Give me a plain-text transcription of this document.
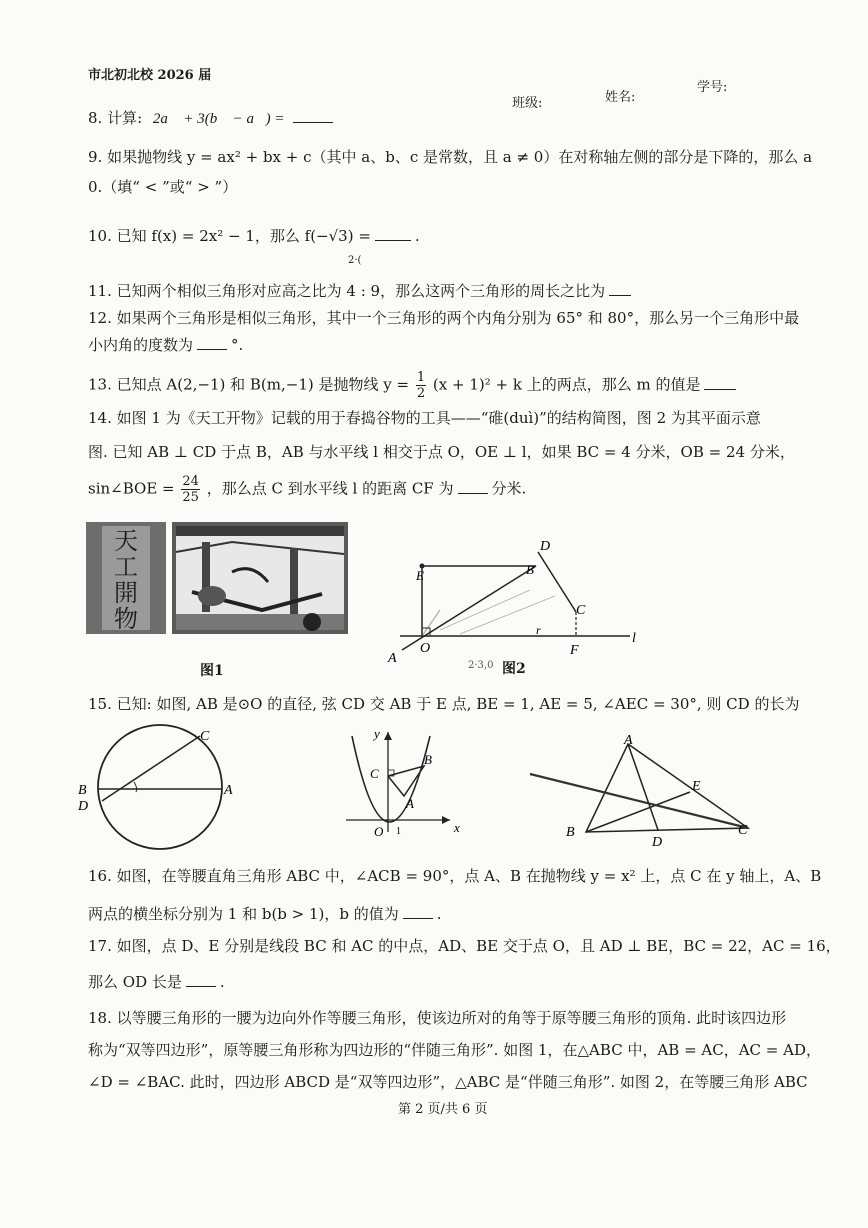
市北初北校 2026 届
班级:	姓名:
学号:
8. 计算: 2a⃗ + 3(b⃗ − a⃗) =
9. 如果抛物线 y = ax² + bx + c（其中 a、b、c 是常数，且 a ≠ 0）在对称轴左侧的部分是下降的，那么 a
0.（填“ < ”或“ > ”）
10. 已知 f(x) = 2x² − 1，那么 f(−√3) =	.
2·(
11. 已知两个相似三角形对应高之比为 4 : 9，那么这两个三角形的周长之比为
12. 如果两个三角形是相似三角形，其中一个三角形的两个内角分别为 65° 和 80°，那么另一个三角形中最
小内角的度数为	°.
13. 已知点 A(2,−1) 和 B(m,−1) 是抛物线 $y = \frac{1}{2} (x + 1)^2 + k$ 上的两点，那么 m 的值是
14. 如图 1 为《天工开物》记载的用于春捣谷物的工具——“碓(duì)”的结构简图，图 2 为其平面示意
图. 已知 AB ⊥ CD 于点 B，AB 与水平线 l 相交于点 O，OE ⊥ l，如果 BC = 4 分米，OB = 24 分米，
sin∠BOE = $\frac{24}{25}$ ，那么点 C 到水平线 l 的距离 CF 为	分米.
天工開物
图1
D
B
E
C
A
O	F
l
r
2·3,0 图2
15. 已知: 如图, AB 是⊙O 的直径, 弦 CD 交 AB 于 E 点, BE = 1, AE = 5, ∠AEC = 30°, 则 CD 的长为
B
D
A
C	y
x
O
C
B
A
1
A
B	C
D
E
16. 如图，在等腰直角三角形 ABC 中，∠ACB = 90°，点 A、B 在抛物线 y = x² 上，点 C 在 y 轴上，A、B
两点的横坐标分别为 1 和 b(b > 1)，b 的值为	.
17. 如图，点 D、E 分别是线段 BC 和 AC 的中点，AD、BE 交于点 O，且 AD ⊥ BE，BC = 22，AC = 16，
那么 OD 长是	.
18. 以等腰三角形的一腰为边向外作等腰三角形，使该边所对的角等于原等腰三角形的顶角. 此时该四边形
称为“双等四边形”，原等腰三角形称为四边形的“伴随三角形”. 如图 1，在△ABC 中，AB = AC，AC = AD，
∠D = ∠BAC. 此时，四边形 ABCD 是“双等四边形”，△ABC 是“伴随三角形”. 如图 2，在等腰三角形 ABC
第 2 页/共 6 页
